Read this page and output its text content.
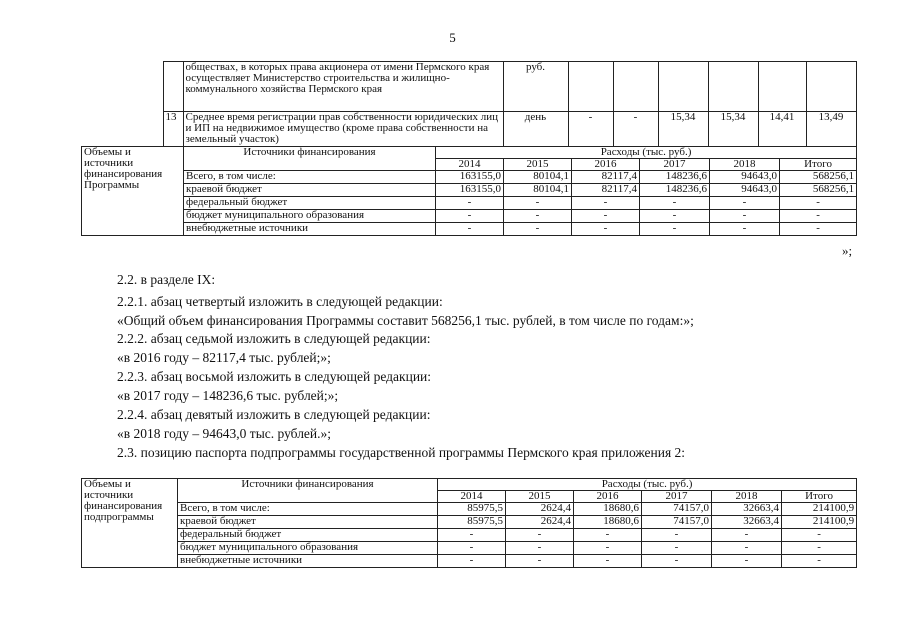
5
		обществах, в которых права акционера от имени Пермского края осуществляет Министерство строительства и жилищно-коммунального хозяйства Пермского края	руб.						
	13	Среднее время регистрации прав собственности юридических лиц и ИП на недвижимое имущество (кроме права собственности на земельный участок)	день	-	-	15,34	15,34	14,41	13,49
Объемы и источники финансирования Программы	Источники финансирования	Расходы (тыс. руб.)					
		2014	2015	2016	2017	2018	Итого
	Всего, в том числе:	163155,0	80104,1	82117,4	148236,6	94643,0	568256,1
	краевой бюджет	163155,0	80104,1	82117,4	148236,6	94643,0	568256,1
	федеральный бюджет	-	-	-	-	-	-
	бюджет муниципального образования	-	-	-	-	-	-
	внебюджетные источники	-	-	-	-	-	-
»;
2.2. в разделе IX:
2.2.1. абзац четвертый изложить в следующей редакции:
«Общий объем финансирования Программы составит 568256,1 тыс. рублей, в том числе по годам:»;
2.2.2. абзац седьмой изложить в следующей редакции:
«в 2016 году – 82117,4 тыс. рублей;»;
2.2.3. абзац восьмой изложить в следующей редакции:
«в 2017 году – 148236,6 тыс. рублей;»;
2.2.4. абзац девятый изложить в следующей редакции:
«в 2018 году – 94643,0 тыс. рублей.»;
2.3. позицию паспорта подпрограммы государственной программы Пермского края приложения 2:
Объемы и источники финансирования подпрограммы	Источники финансирования	Расходы (тыс. руб.)					
		2014	2015	2016	2017	2018	Итого
	Всего, в том числе:	85975,5	2624,4	18680,6	74157,0	32663,4	214100,9
	краевой бюджет	85975,5	2624,4	18680,6	74157,0	32663,4	214100,9
	федеральный бюджет	-	-	-	-	-	-
	бюджет муниципального образования	-	-	-	-	-	-
	внебюджетные источники	-	-	-	-	-	-
